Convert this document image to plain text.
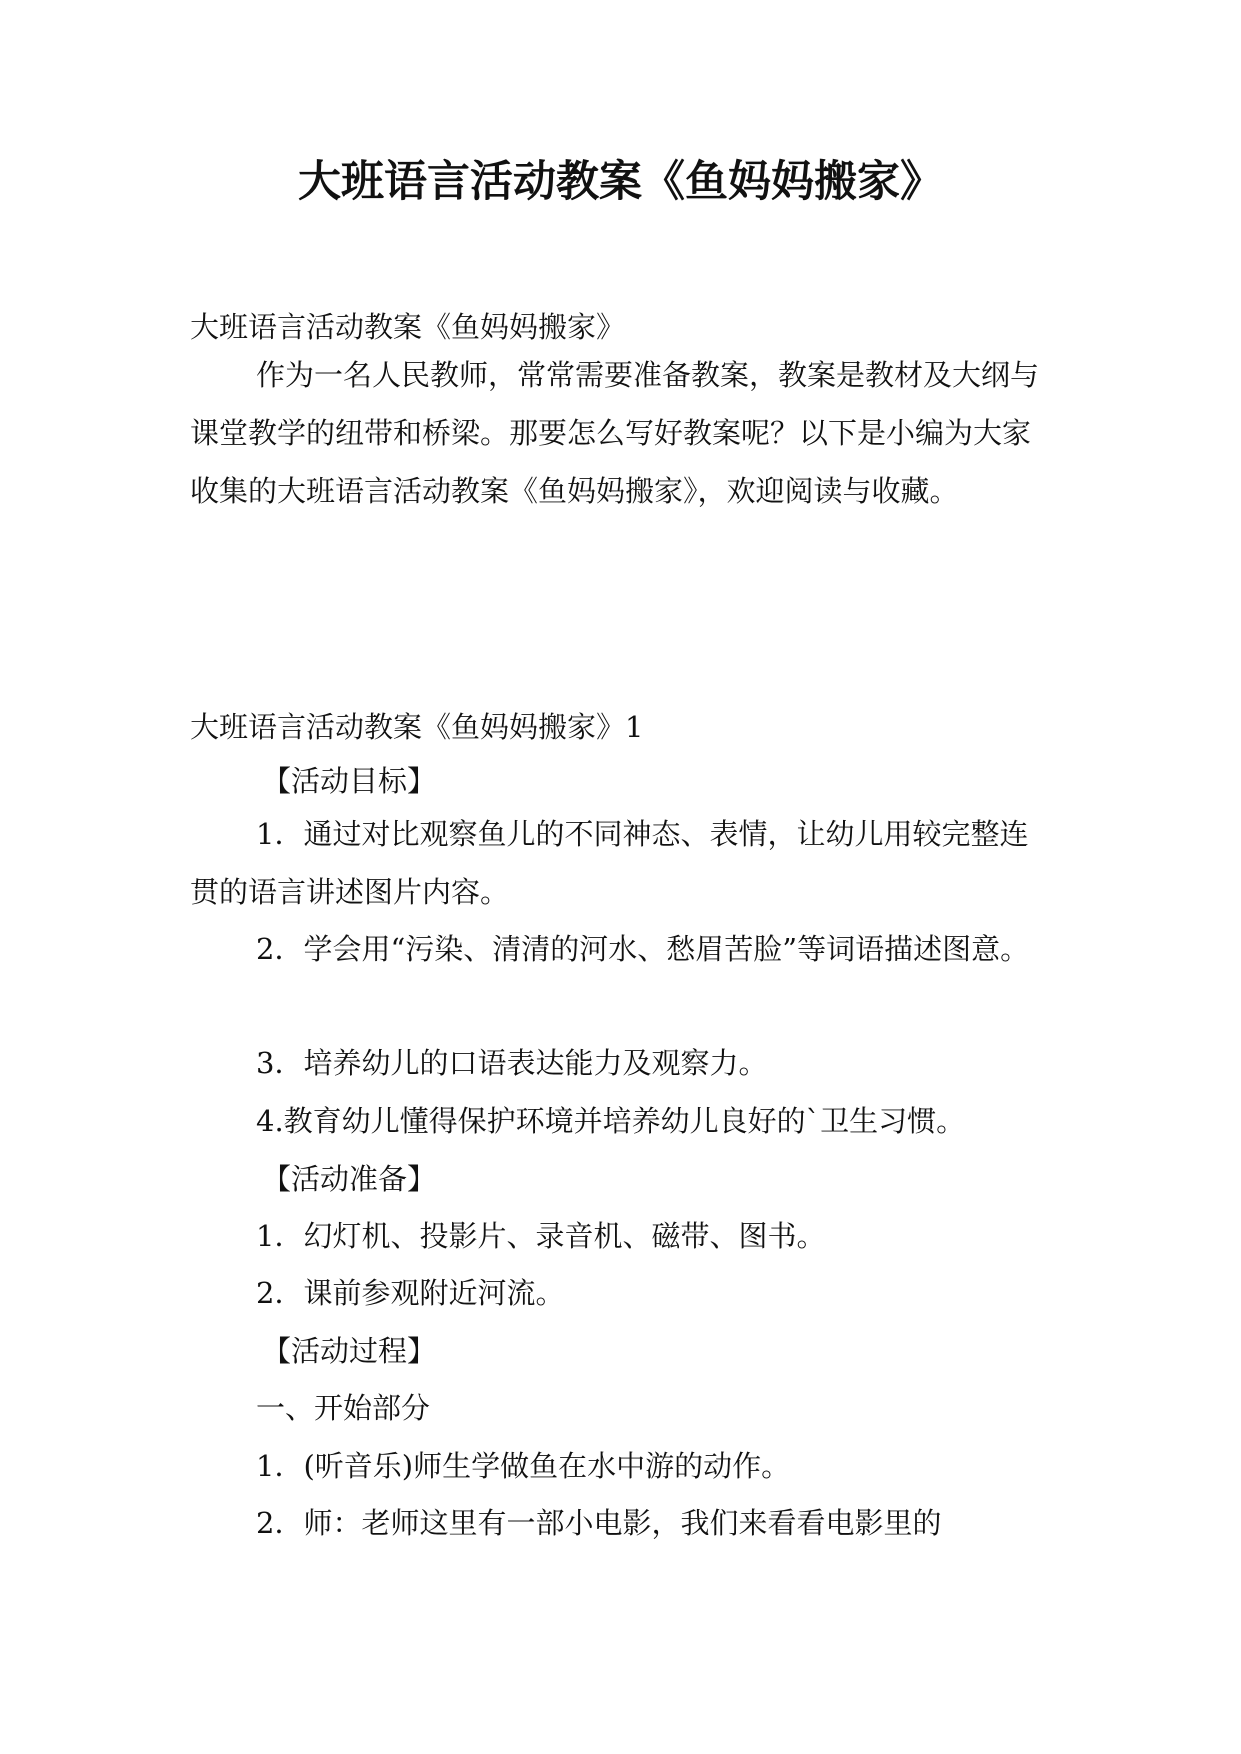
大班语言活动教案《鱼妈妈搬家》

大班语言活动教案《鱼妈妈搬家》

作为一名人民教师，常常需要准备教案，教案是教材及大纲与课堂教学的纽带和桥梁。那要怎么写好教案呢？以下是小编为大家收集的大班语言活动教案《鱼妈妈搬家》，欢迎阅读与收藏。

大班语言活动教案《鱼妈妈搬家》1

【活动目标】

1．通过对比观察鱼儿的不同神态、表情，让幼儿用较完整连贯的语言讲述图片内容。

2．学会用“污染、清清的河水、愁眉苦脸”等词语描述图意。

3．培养幼儿的口语表达能力及观察力。

4.教育幼儿懂得保护环境并培养幼儿良好的`卫生习惯。

【活动准备】

1．幻灯机、投影片、录音机、磁带、图书。

2．课前参观附近河流。

【活动过程】

一、开始部分

1．(听音乐)师生学做鱼在水中游的动作。

2．师：老师这里有一部小电影，我们来看看电影里的
